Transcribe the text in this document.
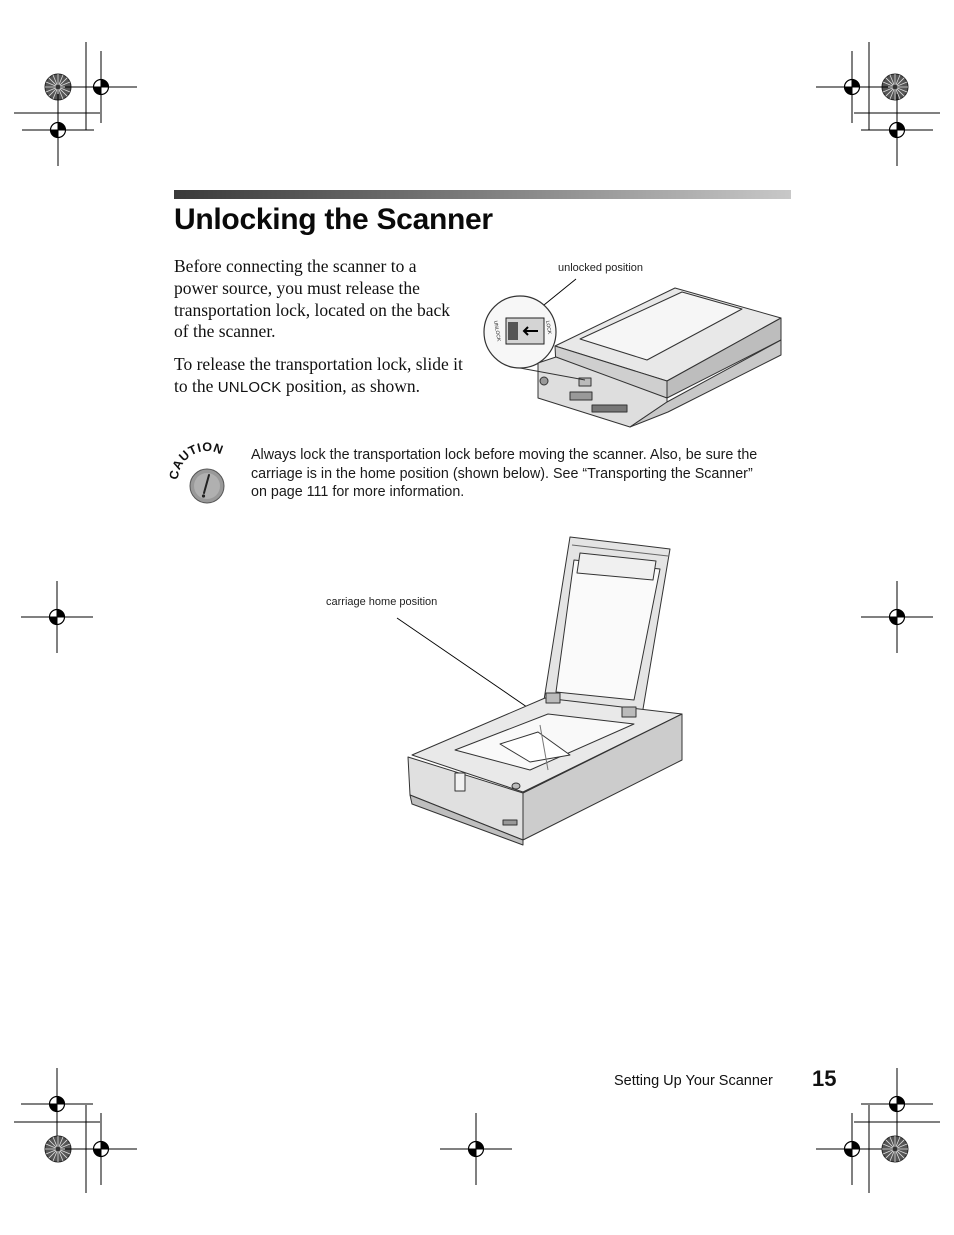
Unlocking the Scanner

Before connecting the scanner to a power source, you must release the transportation lock, located on the back of the scanner.

To release the transportation lock, slide it to the UNLOCK position, as shown.

UNLOCK	LOCK
unlocked position
CAUTION Always lock the transportation lock before moving the scanner. Also, be sure the carriage is in the home position (shown below). See “Transporting the Scanner” on page 111 for more information.

carriage home position
Setting Up Your Scanner 15
